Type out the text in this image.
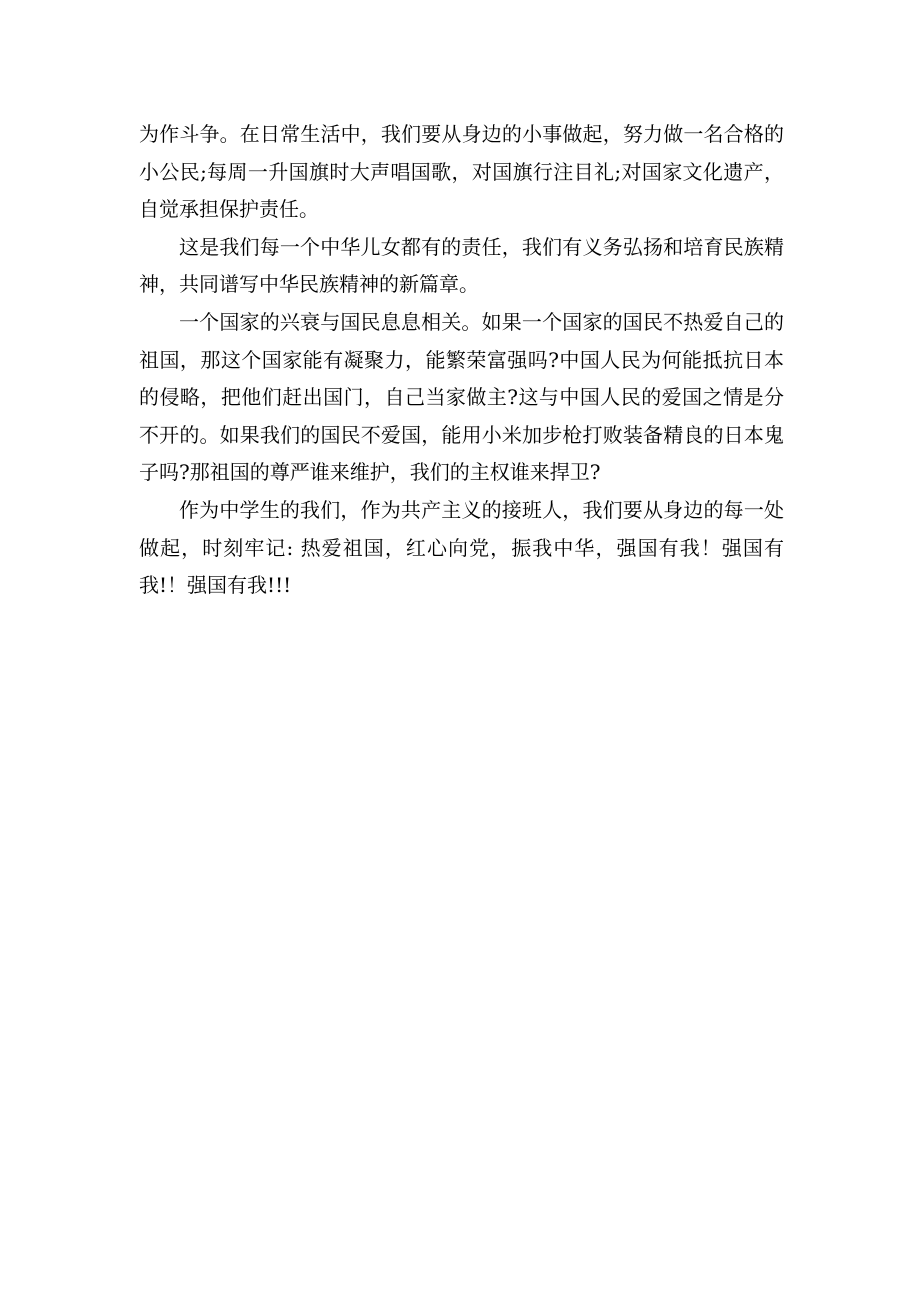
为作斗争。在日常生活中，我们要从身边的小事做起，努力做一名合格的小公民;每周一升国旗时大声唱国歌，对国旗行注目礼;对国家文化遗产，自觉承担保护责任。

这是我们每一个中华儿女都有的责任，我们有义务弘扬和培育民族精神，共同谱写中华民族精神的新篇章。

一个国家的兴衰与国民息息相关。如果一个国家的国民不热爱自己的祖国，那这个国家能有凝聚力，能繁荣富强吗?中国人民为何能抵抗日本的侵略，把他们赶出国门，自己当家做主?这与中国人民的爱国之情是分不开的。如果我们的国民不爱国，能用小米加步枪打败装备精良的日本鬼子吗?那祖国的尊严谁来维护，我们的主权谁来捍卫?

作为中学生的我们，作为共产主义的接班人，我们要从身边的每一处做起，时刻牢记: 热爱祖国，红心向党，振我中华，强国有我！强国有我!！强国有我!!!
